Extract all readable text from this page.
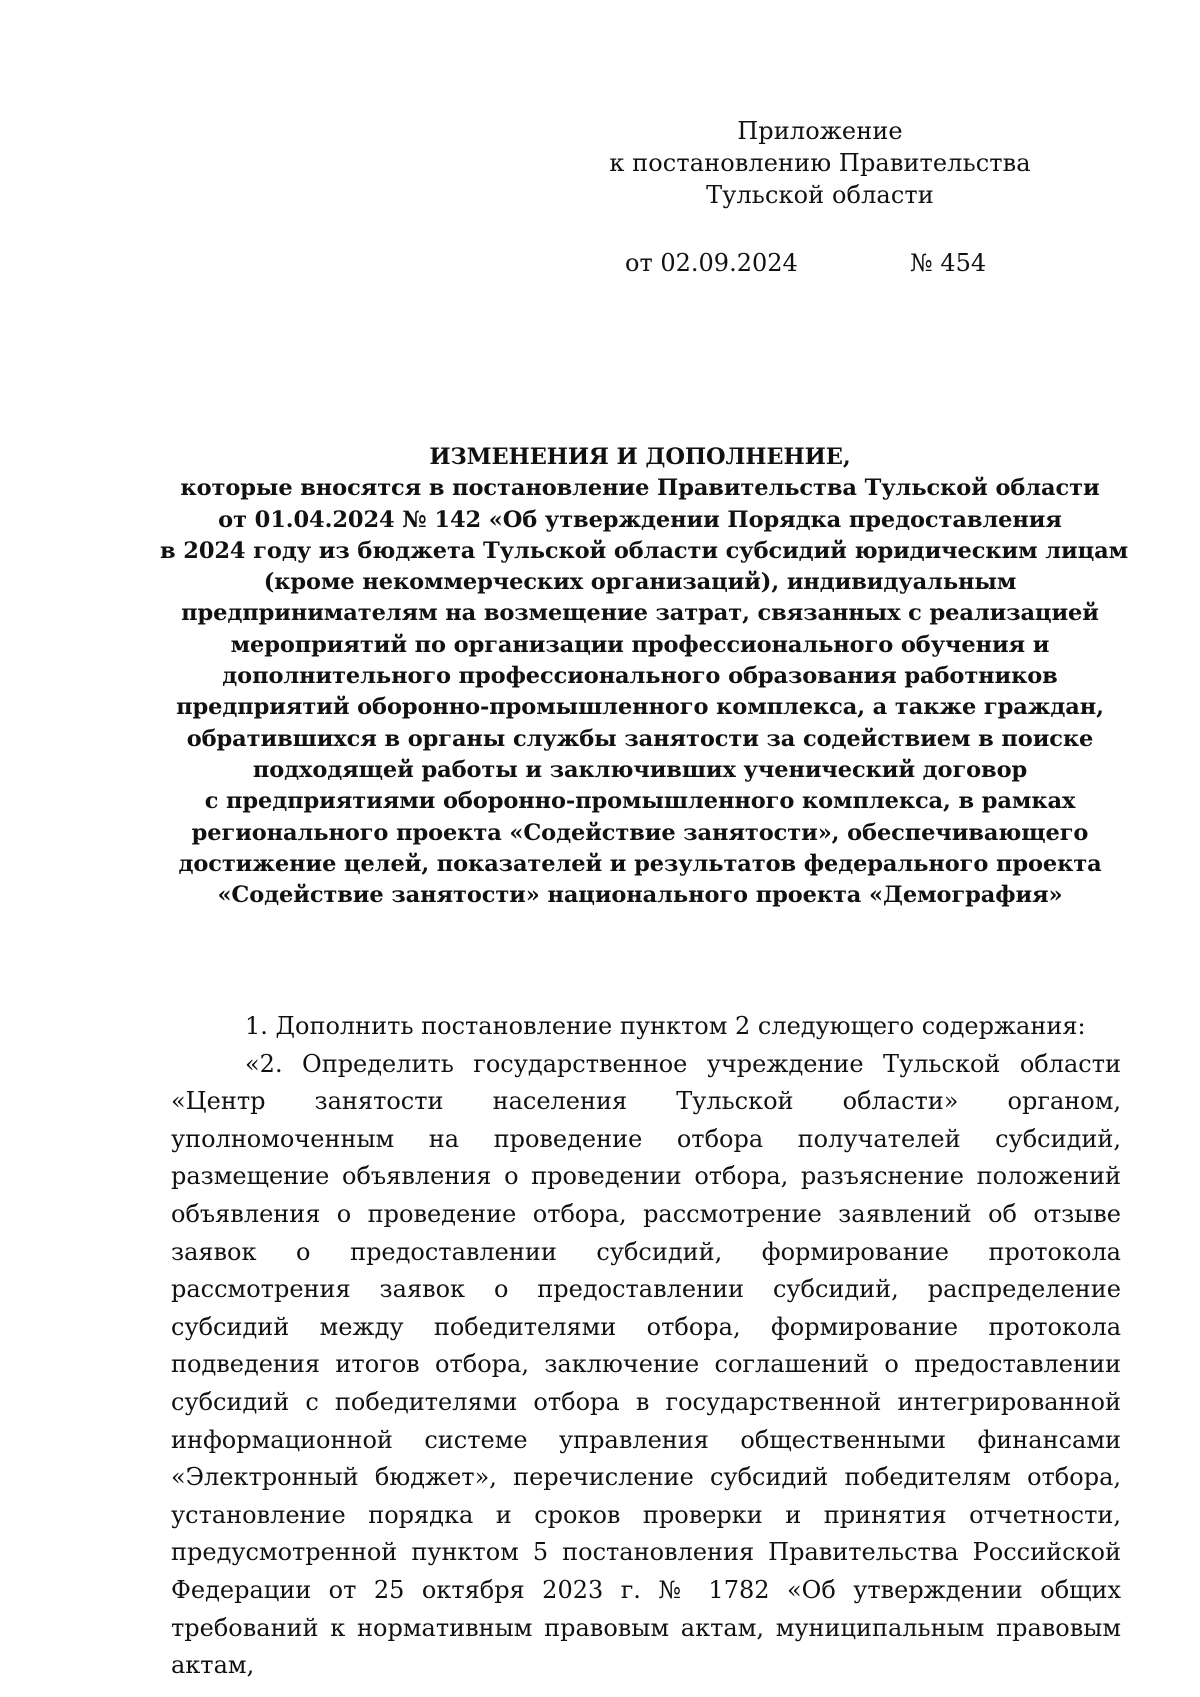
Приложение
к постановлению Правительства
Тульской области
от 02.09.2024	№ 454
ИЗМЕНЕНИЯ И ДОПОЛНЕНИЕ,
которые вносятся в постановление Правительства Тульской области
от 01.04.2024 № 142 «Об утверждении Порядка предоставления
в 2024 году из бюджета Тульской области субсидий юридическим лицам
(кроме некоммерческих организаций), индивидуальным
предпринимателям на возмещение затрат, связанных с реализацией
мероприятий по организации профессионального обучения и
дополнительного профессионального образования работников
предприятий оборонно-промышленного комплекса, а также граждан,
обратившихся в органы службы занятости за содействием в поиске
подходящей работы и заключивших ученический договор
с предприятиями оборонно-промышленного комплекса, в рамках
регионального проекта «Содействие занятости», обеспечивающего
достижение целей, показателей и результатов федерального проекта
«Содействие занятости» национального проекта «Демография»

1. Дополнить постановление пунктом 2 следующего содержания:

«2. Определить государственное учреждение Тульской области «Центр занятости населения Тульской области» органом, уполномоченным на проведение отбора получателей субсидий, размещение объявления о проведении отбора, разъяснение положений объявления о проведение отбора, рассмотрение заявлений об отзыве заявок о предоставлении субсидий, формирование протокола рассмотрения заявок о предоставлении субсидий, распределение субсидий между победителями отбора, формирование протокола подведения итогов отбора, заключение соглашений о предоставлении субсидий с победителями отбора в государственной интегрированной информационной системе управления общественными финансами «Электронный бюджет», перечисление субсидий победителям отбора, установление порядка и сроков проверки и принятия отчетности, предусмотренной пунктом 5 постановления Правительства Российской Федерации от 25 октября 2023 г. № 1782 «Об утверждении общих требований к нормативным правовым актам, муниципальным правовым актам,
